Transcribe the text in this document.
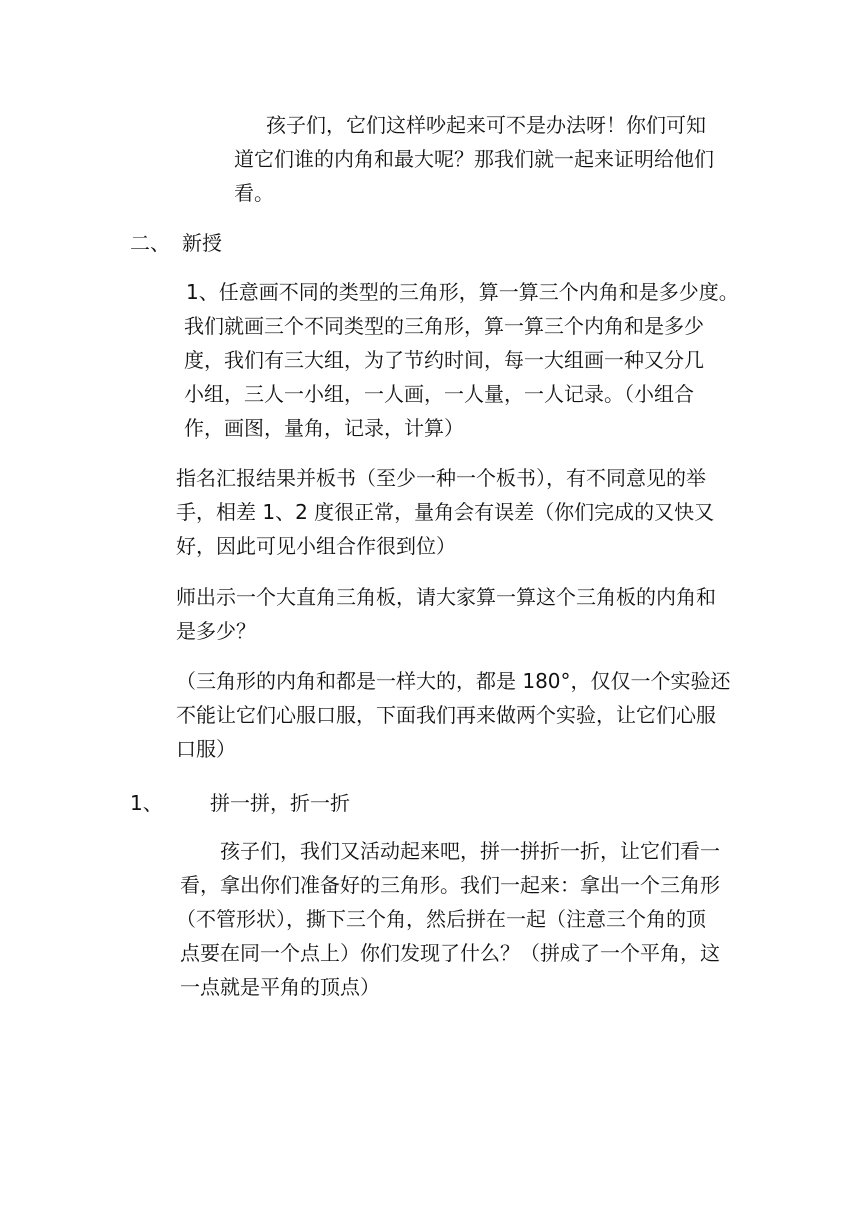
孩子们，它们这样吵起来可不是办法呀！你们可知
道它们谁的内角和最大呢？那我们就一起来证明给他们
看。
二、 新授
1、任意画不同的类型的三角形，算一算三个内角和是多少度。
我们就画三个不同类型的三角形，算一算三个内角和是多少
度，我们有三大组，为了节约时间，每一大组画一种又分几
小组，三人一小组，一人画，一人量，一人记录。（小组合
作，画图，量角，记录，计算）
指名汇报结果并板书（至少一种一个板书），有不同意见的举
手，相差 1、2 度很正常，量角会有误差（你们完成的又快又
好，因此可见小组合作很到位）
师出示一个大直角三角板，请大家算一算这个三角板的内角和
是多少？
（三角形的内角和都是一样大的，都是 180°，仅仅一个实验还
不能让它们心服口服，下面我们再来做两个实验，让它们心服
口服）
1、 拼一拼，折一折
孩子们，我们又活动起来吧，拼一拼折一折，让它们看一
看，拿出你们准备好的三角形。我们一起来：拿出一个三角形
（不管形状），撕下三个角，然后拼在一起（注意三个角的顶
点要在同一个点上）你们发现了什么？（拼成了一个平角，这
一点就是平角的顶点）
